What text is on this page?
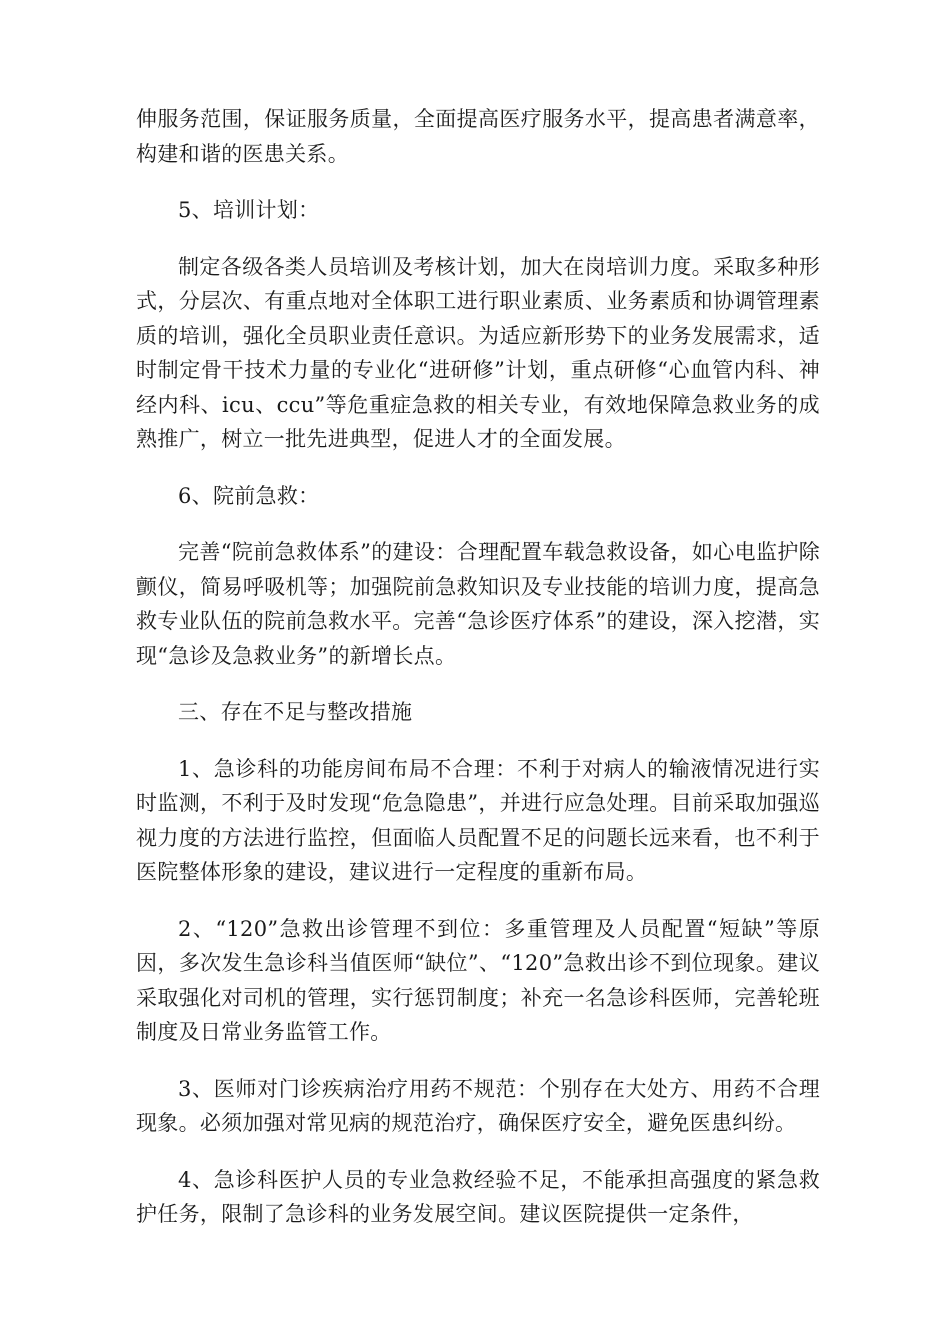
伸服务范围，保证服务质量，全面提高医疗服务水平，提高患者满意率，构建和谐的医患关系。

5、培训计划：

制定各级各类人员培训及考核计划，加大在岗培训力度。采取多种形式，分层次、有重点地对全体职工进行职业素质、业务素质和协调管理素质的培训，强化全员职业责任意识。为适应新形势下的业务发展需求，适时制定骨干技术力量的专业化“进研修”计划，重点研修“心血管内科、神经内科、icu、ccu”等危重症急救的相关专业，有效地保障急救业务的成熟推广，树立一批先进典型，促进人才的全面发展。

6、院前急救：

完善“院前急救体系”的建设：合理配置车载急救设备，如心电监护除颤仪，简易呼吸机等；加强院前急救知识及专业技能的培训力度，提高急救专业队伍的院前急救水平。完善“急诊医疗体系”的建设，深入挖潜，实现“急诊及急救业务”的新增长点。

三、存在不足与整改措施

1、急诊科的功能房间布局不合理：不利于对病人的输液情况进行实时监测，不利于及时发现“危急隐患”，并进行应急处理。目前采取加强巡视力度的方法进行监控，但面临人员配置不足的问题长远来看，也不利于医院整体形象的建设，建议进行一定程度的重新布局。

2、“120”急救出诊管理不到位：多重管理及人员配置“短缺”等原因，多次发生急诊科当值医师“缺位”、“120”急救出诊不到位现象。建议采取强化对司机的管理，实行惩罚制度；补充一名急诊科医师，完善轮班制度及日常业务监管工作。

3、医师对门诊疾病治疗用药不规范：个别存在大处方、用药不合理现象。必须加强对常见病的规范治疗，确保医疗安全，避免医患纠纷。

4、急诊科医护人员的专业急救经验不足，不能承担高强度的紧急救护任务，限制了急诊科的业务发展空间。建议医院提供一定条件，
